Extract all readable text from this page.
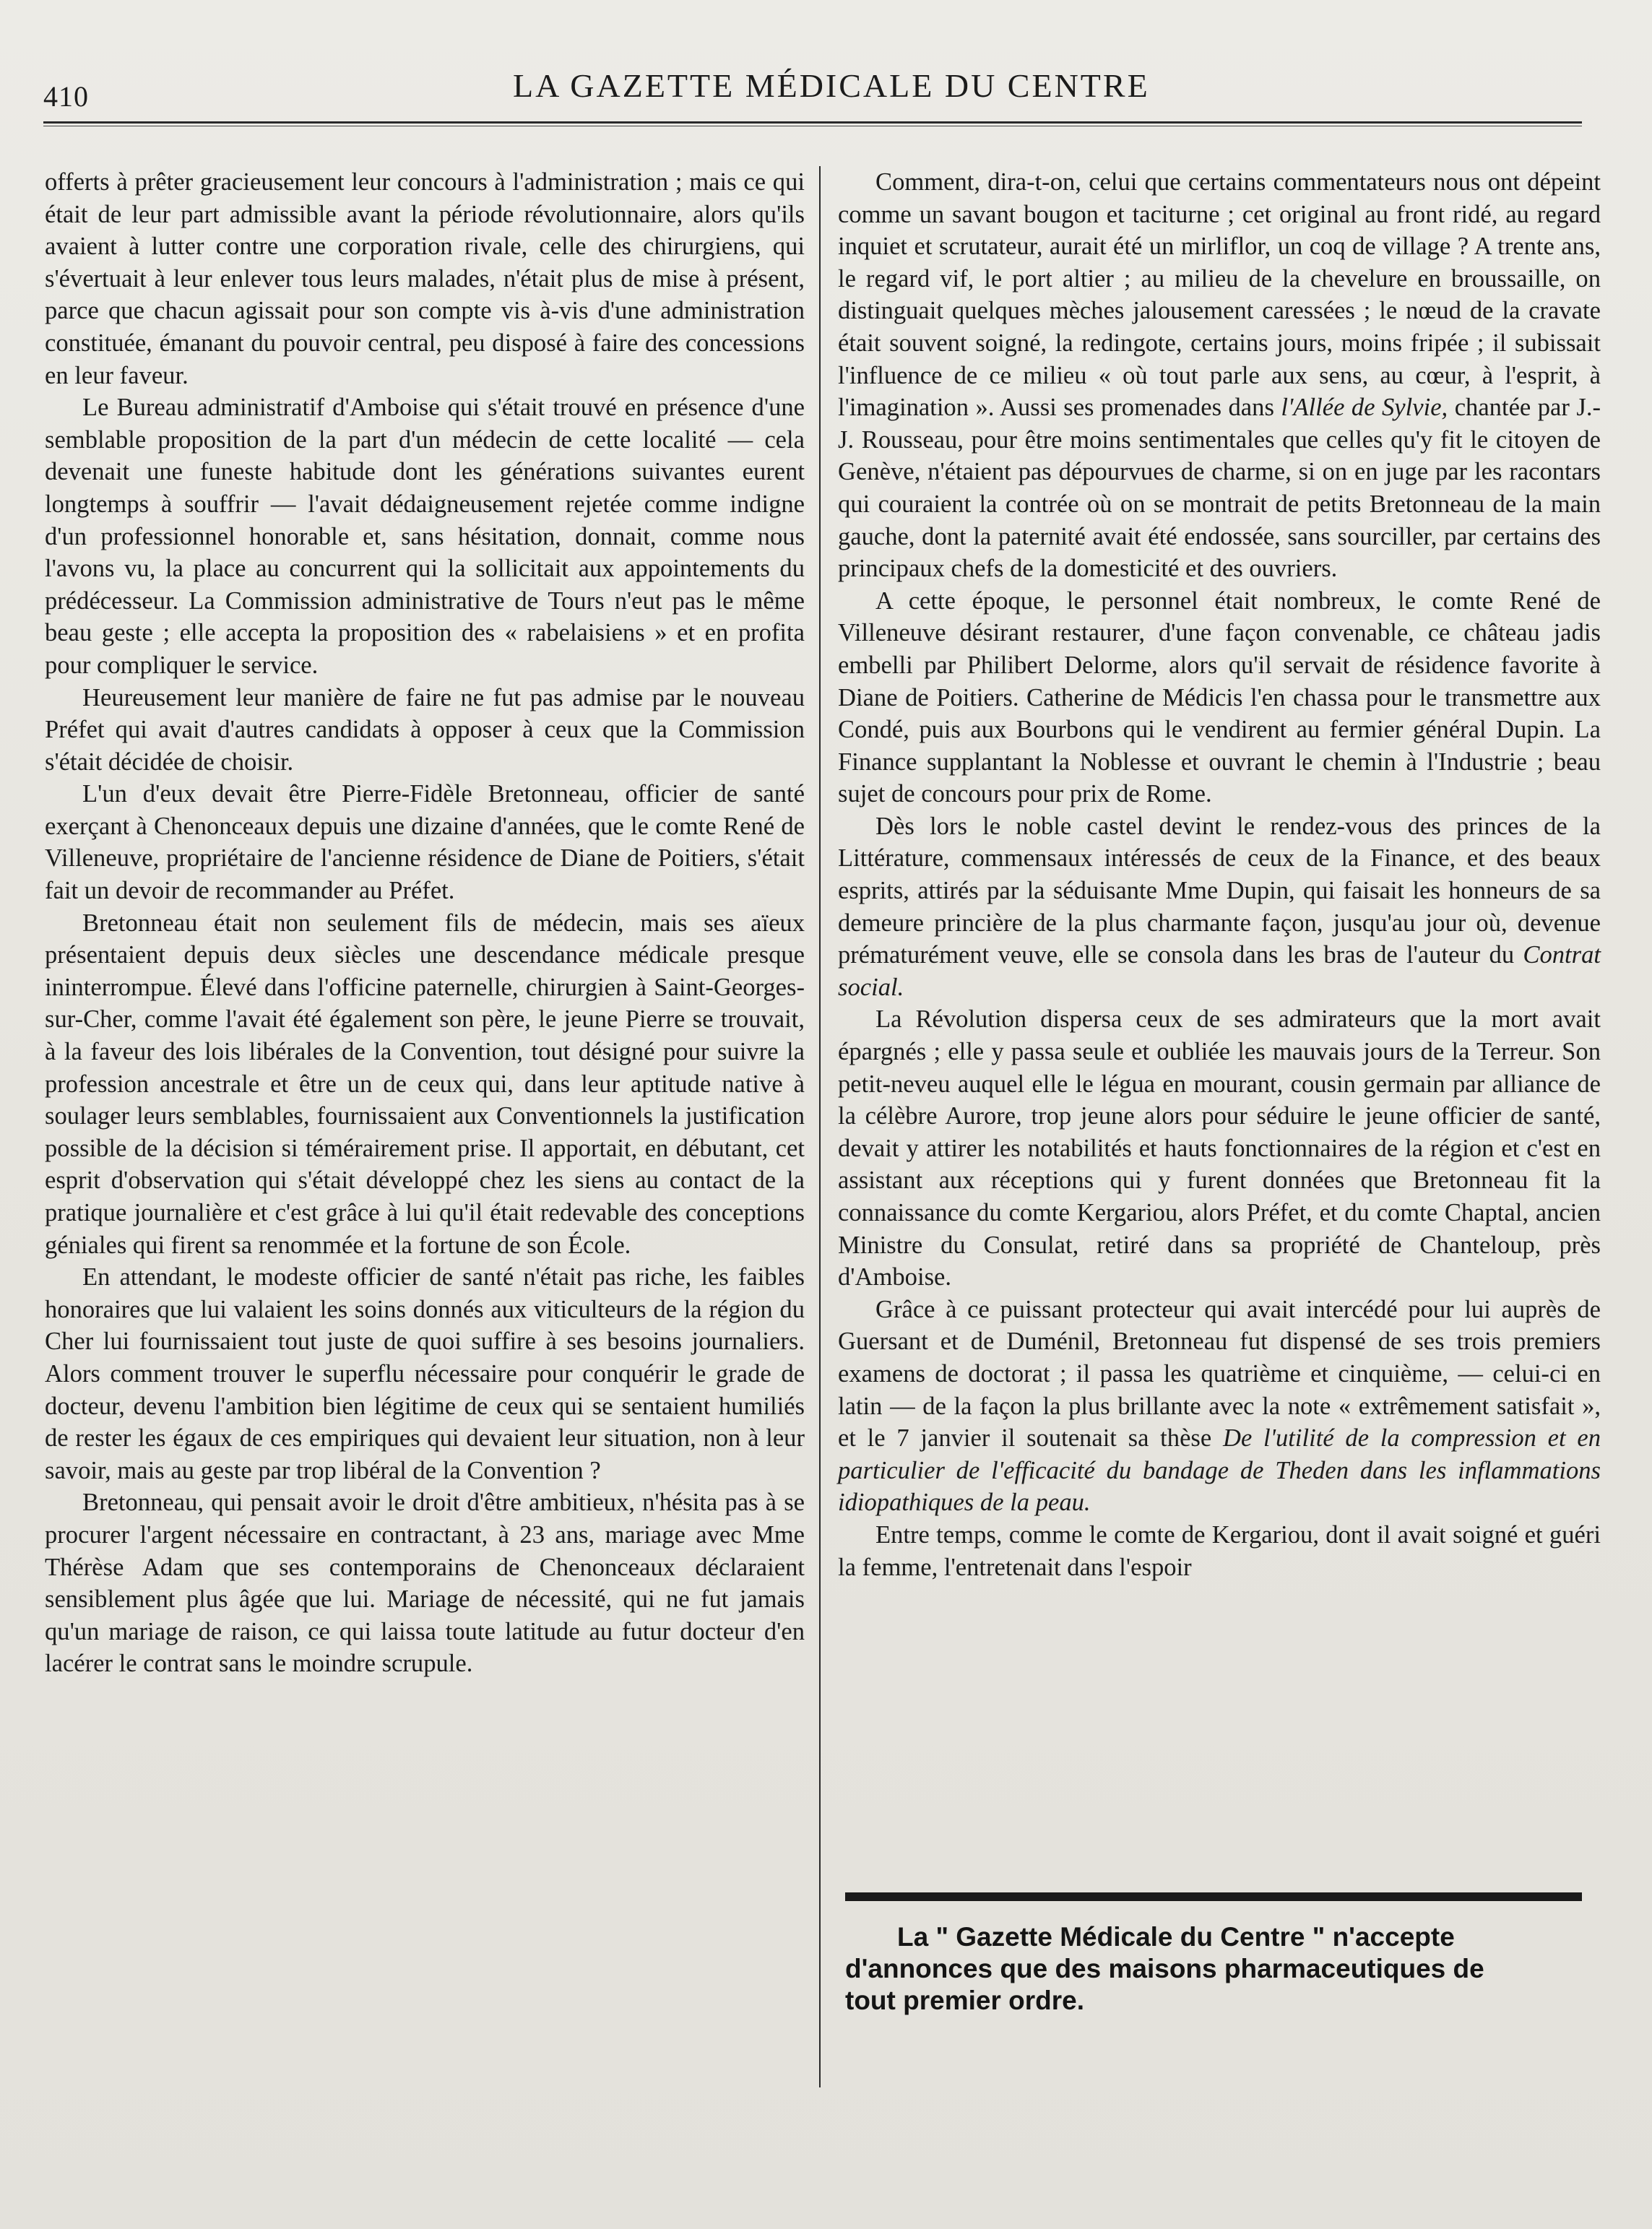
410	LA GAZETTE MÉDICALE DU CENTRE

offerts à prêter gracieusement leur concours à l'administration ; mais ce qui était de leur part admissible avant la période révolutionnaire, alors qu'ils avaient à lutter contre une corporation rivale, celle des chirurgiens, qui s'évertuait à leur enlever tous leurs malades, n'était plus de mise à présent, parce que chacun agissait pour son compte vis à-vis d'une administration constituée, émanant du pouvoir central, peu disposé à faire des concessions en leur faveur.

Le Bureau administratif d'Amboise qui s'était trouvé en présence d'une semblable proposition de la part d'un médecin de cette localité — cela devenait une funeste habitude dont les générations suivantes eurent longtemps à souffrir — l'avait dédaigneusement rejetée comme indigne d'un professionnel honorable et, sans hésitation, donnait, comme nous l'avons vu, la place au concurrent qui la sollicitait aux appointements du prédécesseur. La Commission administrative de Tours n'eut pas le même beau geste ; elle accepta la proposition des « rabelaisiens » et en profita pour compliquer le service.

Heureusement leur manière de faire ne fut pas admise par le nouveau Préfet qui avait d'autres candidats à opposer à ceux que la Commission s'était décidée de choisir.

L'un d'eux devait être Pierre-Fidèle Bretonneau, officier de santé exerçant à Chenonceaux depuis une dizaine d'années, que le comte René de Villeneuve, propriétaire de l'ancienne résidence de Diane de Poitiers, s'était fait un devoir de recommander au Préfet.

Bretonneau était non seulement fils de médecin, mais ses aïeux présentaient depuis deux siècles une descendance médicale presque ininterrompue. Élevé dans l'officine paternelle, chirurgien à Saint-Georges-sur-Cher, comme l'avait été également son père, le jeune Pierre se trouvait, à la faveur des lois libérales de la Convention, tout désigné pour suivre la profession ancestrale et être un de ceux qui, dans leur aptitude native à soulager leurs semblables, fournissaient aux Conventionnels la justification possible de la décision si témérairement prise. Il apportait, en débutant, cet esprit d'observation qui s'était développé chez les siens au contact de la pratique journalière et c'est grâce à lui qu'il était redevable des conceptions géniales qui firent sa renommée et la fortune de son École.

En attendant, le modeste officier de santé n'était pas riche, les faibles honoraires que lui valaient les soins donnés aux viticulteurs de la région du Cher lui fournissaient tout juste de quoi suffire à ses besoins journaliers. Alors comment trouver le superflu nécessaire pour conquérir le grade de docteur, devenu l'ambition bien légitime de ceux qui se sentaient humiliés de rester les égaux de ces empiriques qui devaient leur situation, non à leur savoir, mais au geste par trop libéral de la Convention ?

Bretonneau, qui pensait avoir le droit d'être ambitieux, n'hésita pas à se procurer l'argent nécessaire en contractant, à 23 ans, mariage avec Mme Thérèse Adam que ses contemporains de Chenonceaux déclaraient sensiblement plus âgée que lui. Mariage de nécessité, qui ne fut jamais qu'un mariage de raison, ce qui laissa toute latitude au futur docteur d'en lacérer le contrat sans le moindre scrupule.

Comment, dira-t-on, celui que certains commentateurs nous ont dépeint comme un savant bougon et taciturne ; cet original au front ridé, au regard inquiet et scrutateur, aurait été un mirliflor, un coq de village ? A trente ans, le regard vif, le port altier ; au milieu de la chevelure en broussaille, on distinguait quelques mèches jalousement caressées ; le nœud de la cravate était souvent soigné, la redingote, certains jours, moins fripée ; il subissait l'influence de ce milieu « où tout parle aux sens, au cœur, à l'esprit, à l'imagination ». Aussi ses promenades dans l'Allée de Sylvie, chantée par J.-J. Rousseau, pour être moins sentimentales que celles qu'y fit le citoyen de Genève, n'étaient pas dépourvues de charme, si on en juge par les racontars qui couraient la contrée où on se montrait de petits Bretonneau de la main gauche, dont la paternité avait été endossée, sans sourciller, par certains des principaux chefs de la domesticité et des ouvriers.

A cette époque, le personnel était nombreux, le comte René de Villeneuve désirant restaurer, d'une façon convenable, ce château jadis embelli par Philibert Delorme, alors qu'il servait de résidence favorite à Diane de Poitiers. Catherine de Médicis l'en chassa pour le transmettre aux Condé, puis aux Bourbons qui le vendirent au fermier général Dupin. La Finance supplantant la Noblesse et ouvrant le chemin à l'Industrie ; beau sujet de concours pour prix de Rome.

Dès lors le noble castel devint le rendez-vous des princes de la Littérature, commensaux intéressés de ceux de la Finance, et des beaux esprits, attirés par la séduisante Mme Dupin, qui faisait les honneurs de sa demeure princière de la plus charmante façon, jusqu'au jour où, devenue prématurément veuve, elle se consola dans les bras de l'auteur du Contrat social.

La Révolution dispersa ceux de ses admirateurs que la mort avait épargnés ; elle y passa seule et oubliée les mauvais jours de la Terreur. Son petit-neveu auquel elle le légua en mourant, cousin germain par alliance de la célèbre Aurore, trop jeune alors pour séduire le jeune officier de santé, devait y attirer les notabilités et hauts fonctionnaires de la région et c'est en assistant aux réceptions qui y furent données que Bretonneau fit la connaissance du comte Kergariou, alors Préfet, et du comte Chaptal, ancien Ministre du Consulat, retiré dans sa propriété de Chanteloup, près d'Amboise.

Grâce à ce puissant protecteur qui avait intercédé pour lui auprès de Guersant et de Duménil, Bretonneau fut dispensé de ses trois premiers examens de doctorat ; il passa les quatrième et cinquième, — celui-ci en latin — de la façon la plus brillante avec la note « extrêmement satisfait », et le 7 janvier il soutenait sa thèse De l'utilité de la compression et en particulier de l'efficacité du bandage de Theden dans les inflammations idiopathiques de la peau.

Entre temps, comme le comte de Kergariou, dont il avait soigné et guéri la femme, l'entretenait dans l'espoir

La " Gazette Médicale du Centre " n'accepte
d'annonces que des maisons pharmaceutiques de
tout premier ordre.
